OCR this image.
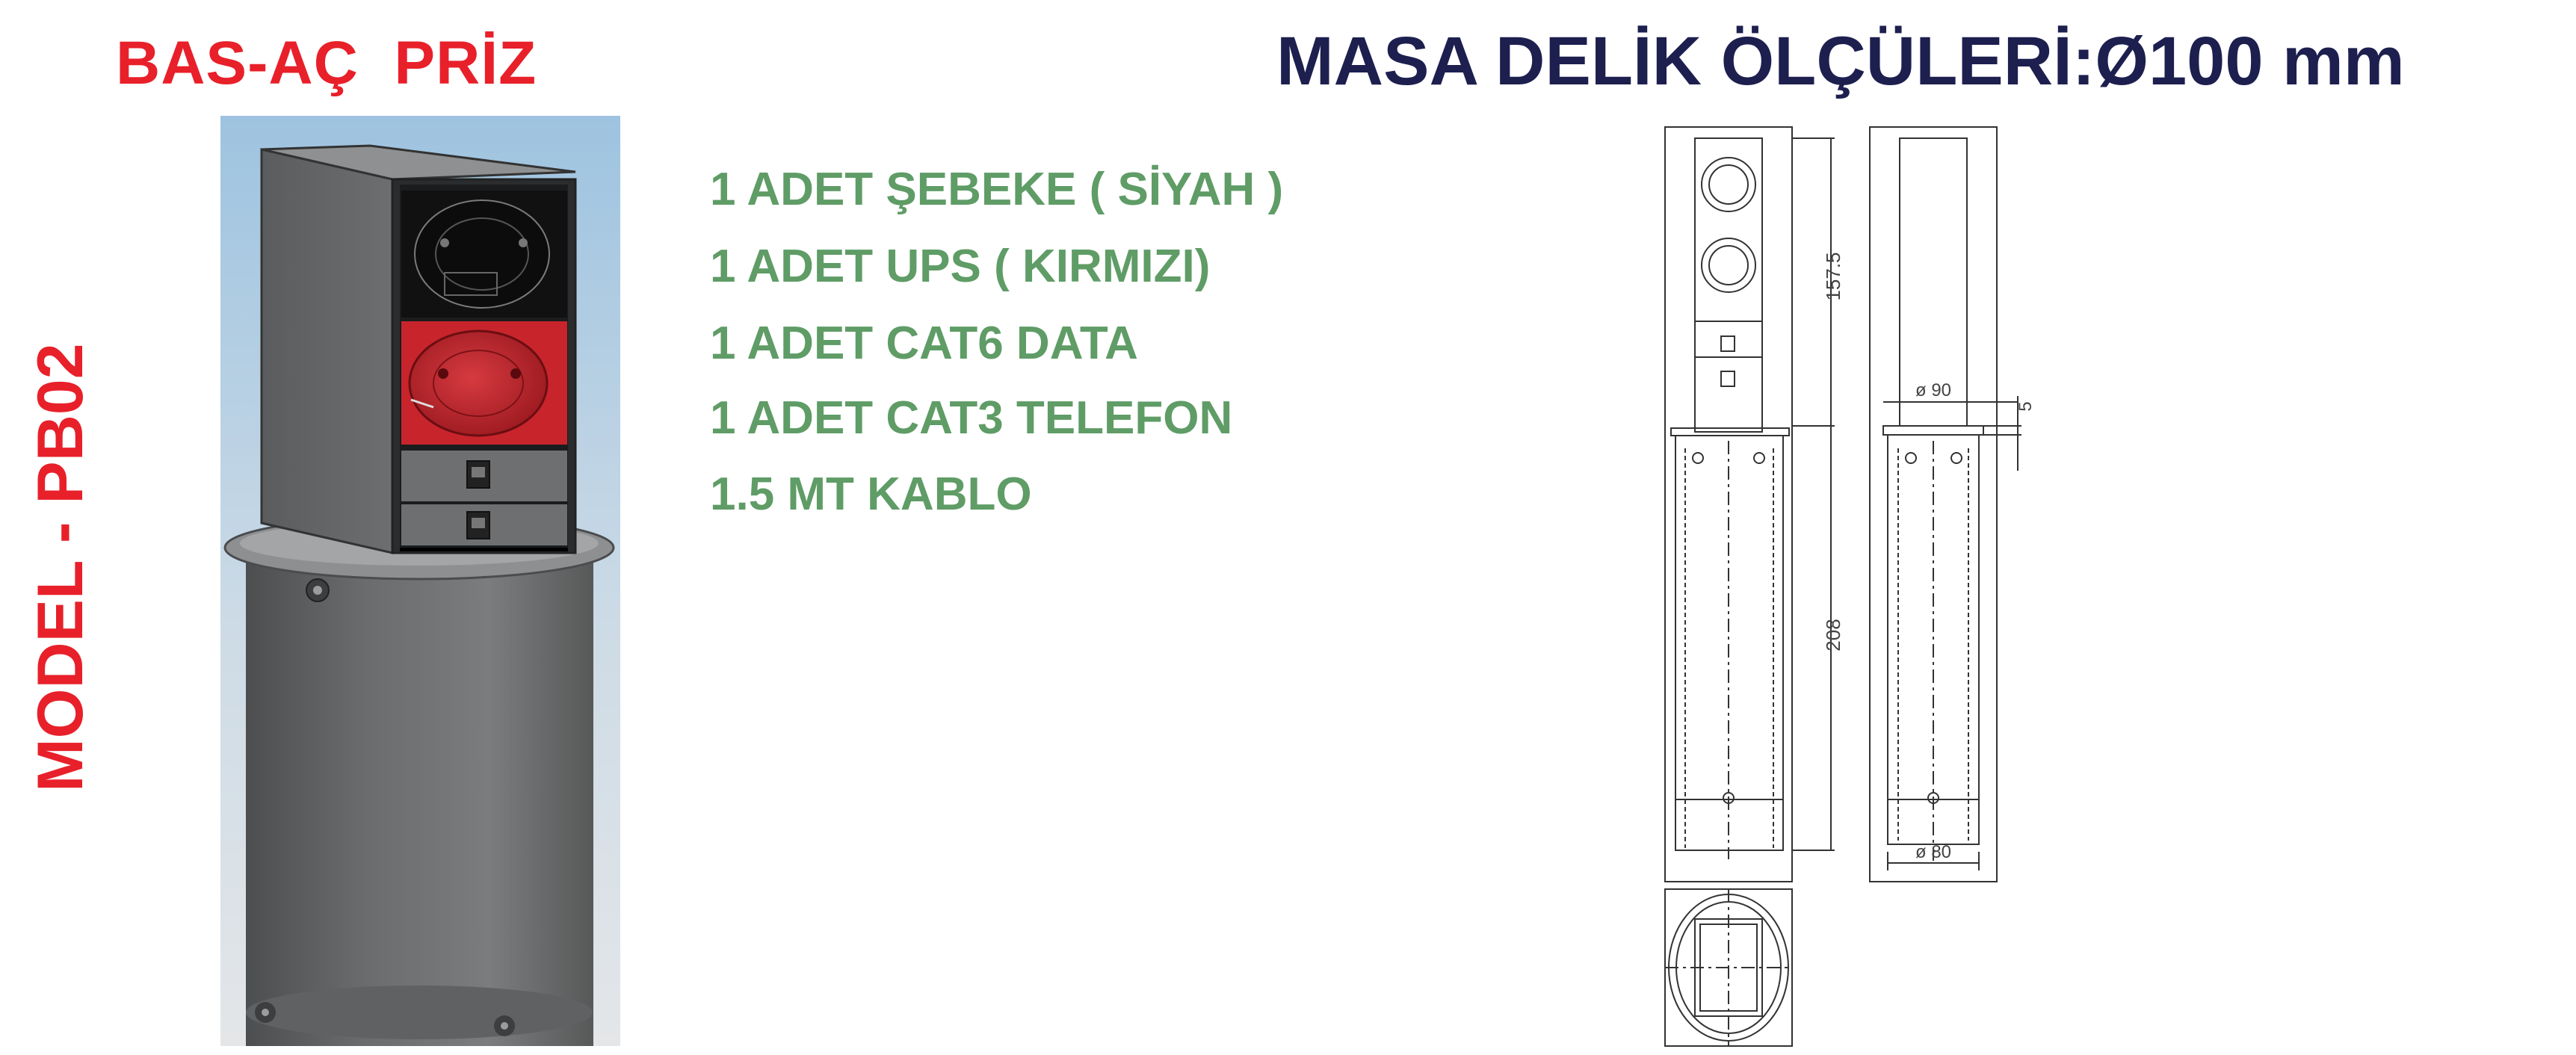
BAS-AÇ  PRİZ	MASA DELİK ÖLÇÜLERİ:Ø100 mm
MODEL - PB02
1 ADET ŞEBEKE ( SİYAH )
1 ADET UPS ( KIRMIZI)
1 ADET CAT6 DATA
1 ADET CAT3 TELEFON
1.5 MT KABLO
157.5
208
ø 90
ø 80
5
